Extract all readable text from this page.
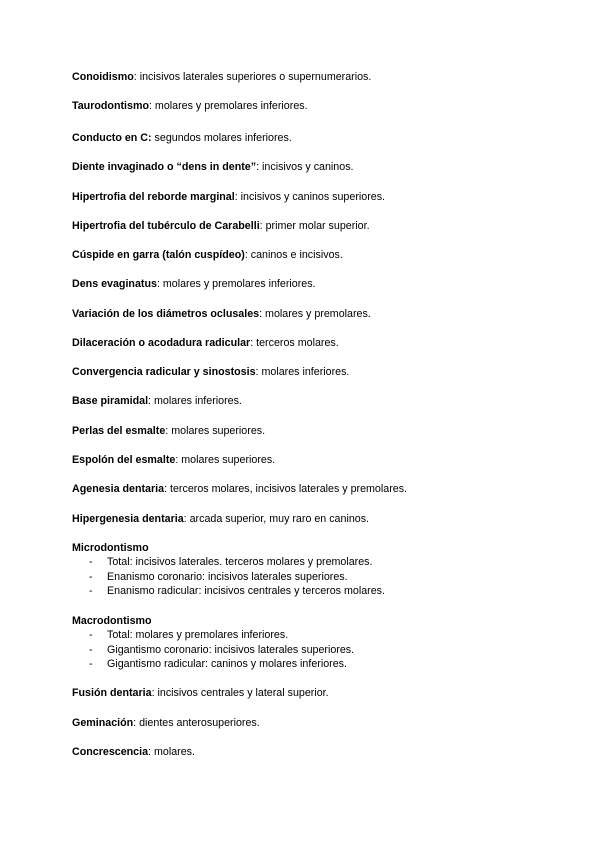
Conoidismo: incisivos laterales superiores o supernumerarios.
Taurodontismo: molares y premolares inferiores.
Conducto en C: segundos molares inferiores.
Diente invaginado o “dens in dente”: incisivos y caninos.
Hipertrofia del reborde marginal: incisivos y caninos superiores.
Hipertrofia del tubérculo de Carabelli: primer molar superior.
Cúspide en garra (talón cuspídeo): caninos e incisivos.
Dens evaginatus: molares y premolares inferiores.
Variación de los diámetros oclusales: molares y premolares.
Dilaceración o acodadura radicular: terceros molares.
Convergencia radicular y sinostosis: molares inferiores.
Base piramidal: molares inferiores.
Perlas del esmalte: molares superiores.
Espolón del esmalte: molares superiores.
Agenesia dentaria: terceros molares, incisivos laterales y premolares.
Hipergenesia dentaria: arcada superior, muy raro en caninos.
Microdontismo
- Total: incisivos laterales. terceros molares y premolares.
- Enanismo coronario: incisivos laterales superiores.
- Enanismo radicular: incisivos centrales y terceros molares.
Macrodontismo
- Total: molares y premolares inferiores.
- Gigantismo coronario: incisivos laterales superiores.
- Gigantismo radicular: caninos y molares inferiores.
Fusión dentaria: incisivos centrales y lateral superior.
Geminación: dientes anterosuperiores.
Concrescencia: molares.
